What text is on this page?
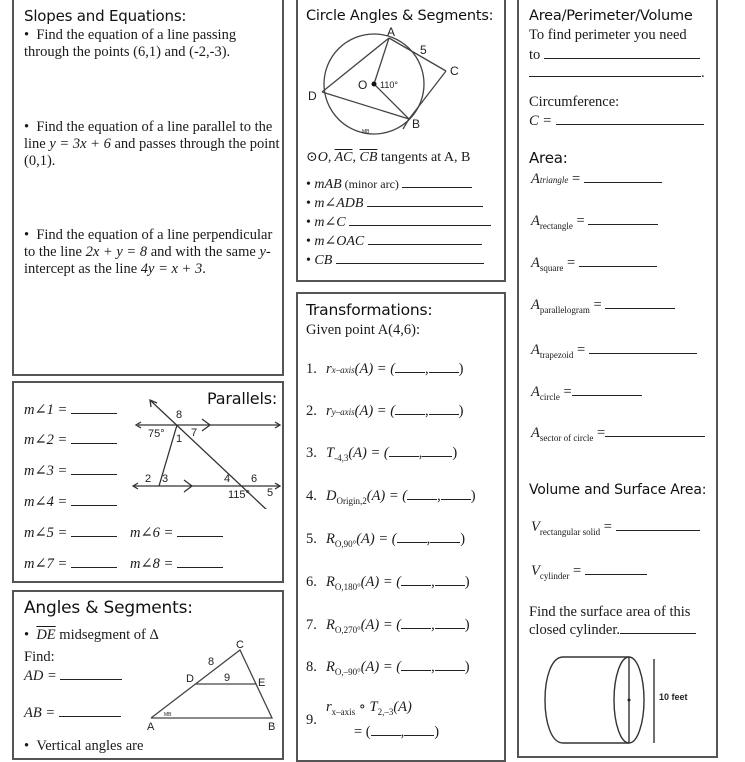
Slopes and Equations:
•  Find the equation of a line passing through the points (6,1) and (-2,-3).
•  Find the equation of a line parallel to the line y = 3x + 6 and passes through the point (0,1).
•  Find the equation of a line perpendicular to the line 2x + y = 8 and with the same y-intercept as the line 4y = x + 3.
Parallels:
m∠1 =
m∠2 =
m∠3 =
m∠4 =
m∠5 =	m∠6 =
m∠7 =	m∠8 =
8
7
1
75°
2 3	4 6
115° 5
Angles & Segments:
•  $\overline{DE}$ midsegment of Δ
Find:
AD =
AB =
•  Vertical angles are
C
D	E
A	B
8
9
MB
Circle Angles & Segments:
A
B
C
D
O
5
110°
MB
⊙O, $\overline{AC}$, $\overline{CB}$ tangents at A, B
• mAB (minor arc)
• m∠ADB
• m∠C
• m∠OAC
• CB
Transformations:
Given point A(4,6):
1. rx–axis(A) = ( , )
2. ry–axis(A) = ( , )
3. $T_{-4,3}(A)$ = ( , )
4. $D_{Origin,2}(A)$ = ( , )
5. $R_{O,90^\circ}(A)$ = ( , )
6. $R_{O,180^\circ}(A)$ = ( , )
7. $R_{O,270^\circ}(A)$ = ( , )
8. $R_{O,-90^\circ}(A)$ = ( , )
9.
$r_{x-axis}$ ∘ $T_{2,-3}(A)$
= ( , )
Area/Perimeter/Volume
To find perimeter you need
to
.
Circumference:
C =
Area:
Atriangle =
$A_{rectangle}$ =
$A_{square}$ =
$A_{parallelogram}$ =
$A_{trapezoid}$ =
$A_{circle}$ =
$A_{sector of circle}$ =
Volume and Surface Area:
$V_{rectangular solid}$ =
$V_{cylinder}$ =
Find the surface area of this closed cylinder.
10 feet
